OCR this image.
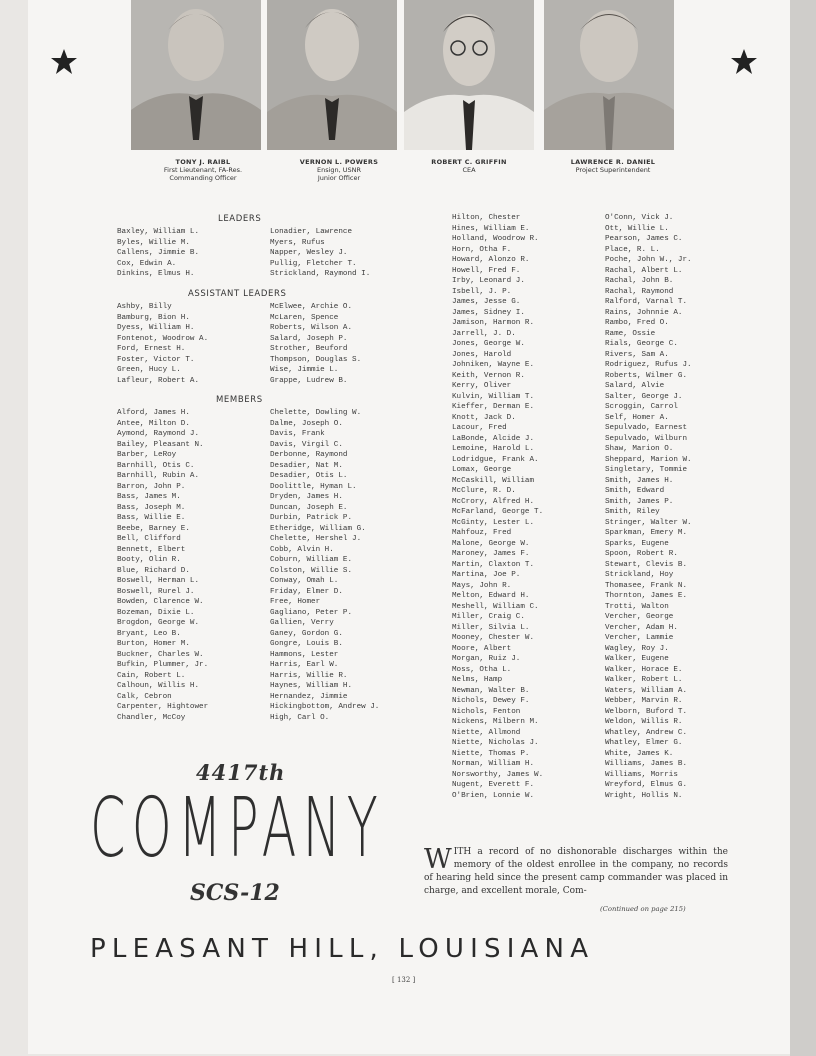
TONY J. RAIBL
First Lieutenant, FA-Res.
Commanding Officer
VERNON L. POWERS
Ensign, USNR
Junior Officer
ROBERT C. GRIFFIN
CEA
LAWRENCE R. DANIEL
Project Superintendent
LEADERS
ASSISTANT LEADERS
MEMBERS
Baxley, William L.
Byles, Willie M.
Callens, Jimmie B.
Cox, Edwin A.
Dinkins, Elmus H.
Lonadier, Lawrence
Myers, Rufus
Napper, Wesley J.
Pullig, Fletcher T.
Strickland, Raymond I.
Ashby, Billy
Bamburg, Bion H.
Dyess, William H.
Fontenot, Woodrow A.
Ford, Ernest H.
Foster, Victor T.
Green, Hucy L.
Lafleur, Robert A.
McElwee, Archie O.
McLaren, Spence
Roberts, Wilson A.
Salard, Joseph P.
Strother, Beuford
Thompson, Douglas S.
Wise, Jimmie L.
Grappe, Ludrew B.
Alford, James H.
Antee, Milton D.
Aymond, Raymond J.
Bailey, Pleasant N.
Barber, LeRoy
Barnhill, Otis C.
Barnhill, Rubin A.
Barron, John P.
Bass, James M.
Bass, Joseph M.
Bass, Willie E.
Beebe, Barney E.
Bell, Clifford
Bennett, Elbert
Booty, Olin R.
Blue, Richard D.
Boswell, Herman L.
Boswell, Rurel J.
Bowden, Clarence W.
Bozeman, Dixie L.
Brogdon, George W.
Bryant, Leo B.
Burton, Homer M.
Buckner, Charles W.
Bufkin, Plummer, Jr.
Cain, Robert L.
Calhoun, Willis H.
Calk, Cebron
Carpenter, Hightower
Chandler, McCoy
Chelette, Dowling W.
Dalme, Joseph O.
Davis, Frank
Davis, Virgil C.
Derbonne, Raymond
Desadier, Nat M.
Desadier, Otis L.
Doolittle, Hyman L.
Dryden, James H.
Duncan, Joseph E.
Durbin, Patrick P.
Etheridge, William G.
Chelette, Hershel J.
Cobb, Alvin H.
Coburn, William E.
Colston, Willie S.
Conway, Omah L.
Friday, Elmer D.
Free, Homer
Gagliano, Peter P.
Gallien, Verry
Ganey, Gordon G.
Gongre, Louis B.
Hammons, Lester
Harris, Earl W.
Harris, Willie R.
Haynes, William H.
Hernandez, Jimmie
Hickingbottom, Andrew J.
High, Carl O.
Hilton, Chester
Hines, William E.
Holland, Woodrow R.
Horn, Otha F.
Howard, Alonzo R.
Howell, Fred F.
Irby, Leonard J.
Isbell, J. P.
James, Jesse G.
James, Sidney I.
Jamison, Harmon R.
Jarrell, J. D.
Jones, George W.
Jones, Harold
Johniken, Wayne E.
Keith, Vernon R.
Kerry, Oliver
Kulvin, William T.
Kieffer, Derman E.
Knott, Jack D.
Lacour, Fred
LaBonde, Alcide J.
Lemoine, Harold L.
Lodridgue, Frank A.
Lomax, George
McCaskill, William
McClure, R. D.
McCrory, Alfred H.
McFarland, George T.
McGinty, Lester L.
Mahfouz, Fred
Malone, George W.
Maroney, James F.
Martin, Claxton T.
Martina, Joe P.
Mays, John R.
Melton, Edward H.
Meshell, William C.
Miller, Craig C.
Miller, Silvia L.
Mooney, Chester W.
Moore, Albert
Morgan, Ruiz J.
Moss, Otha L.
Nelms, Hamp
Newman, Walter B.
Nichols, Dewey F.
Nichols, Fenton
Nickens, Milbern M.
Niette, Allmond
Niette, Nicholas J.
Niette, Thomas P.
Norman, William H.
Norsworthy, James W.
Nugent, Everett F.
O'Brien, Lonnie W.
O'Conn, Vick J.
Ott, Willie L.
Pearson, James C.
Place, R. L.
Poche, John W., Jr.
Rachal, Albert L.
Rachal, John B.
Rachal, Raymond
Ralford, Varnal T.
Rains, Johnnie A.
Rambo, Fred O.
Rame, Ossie
Rials, George C.
Rivers, Sam A.
Rodriguez, Rufus J.
Roberts, Wilmer G.
Salard, Alvie
Salter, George J.
Scroggin, Carrol
Self, Homer A.
Sepulvado, Earnest
Sepulvado, Wilburn
Shaw, Marion O.
Sheppard, Marion W.
Singletary, Tommie
Smith, James H.
Smith, Edward
Smith, James P.
Smith, Riley
Stringer, Walter W.
Sparkman, Emery M.
Sparks, Eugene
Spoon, Robert R.
Stewart, Clevis B.
Strickland, Hoy
Thomasee, Frank N.
Thornton, James E.
Trotti, Walton
Vercher, George
Vercher, Adam H.
Vercher, Lammie
Wagley, Roy J.
Walker, Eugene
Walker, Horace E.
Walker, Robert L.
Waters, William A.
Webber, Marvin R.
Welborn, Buford T.
Weldon, Willis R.
Whatley, Andrew C.
Whatley, Elmer G.
White, James K.
Williams, James B.
Williams, Morris
Wreyford, Elmus G.
Wright, Hollis N.
4417th
COMPANY
SCS-12
WITH a record of no dishonorable discharges within the memory of the oldest enrollee in the company, no records of hearing held since the present camp commander was placed in charge, and excellent morale, Com-
(Continued on page 215)
PLEASANT HILL, LOUISIANA
[ 132 ]
